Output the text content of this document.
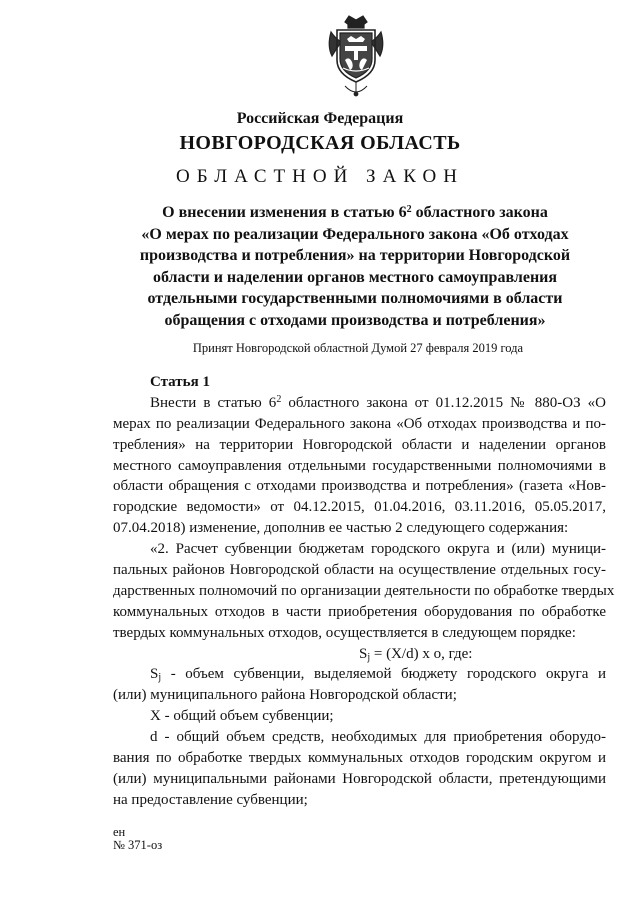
Российская Федерация
НОВГОРОДСКАЯ ОБЛАСТЬ
ОБЛАСТНОЙ ЗАКОН
О внесении изменения в статью $6^2$ областного закона
«О мерах по реализации Федерального закона «Об отходах
производства и потребления» на территории Новгородской
области и наделении органов местного самоуправления
отдельными государственными полномочиями в области
обращения с отходами производства и потребления»
Принят Новгородской областной Думой 27 февраля 2019 года
Статья 1
Внести в статью $6^2$ областного закона от 01.12.2015 № 880-ОЗ «О
мерах по реализации Федерального закона «Об отходах производства и по-
требления» на территории Новгородской области и наделении органов
местного самоуправления отдельными государственными полномочиями в
области обращения с отходами производства и потребления» (газета «Нов-
городские ведомости» от 04.12.2015, 01.04.2016, 03.11.2016, 05.05.2017,
07.04.2018) изменение, дополнив ее частью 2 следующего содержания:
«2. Расчет субвенции бюджетам городского округа и (или) муници-
пальных районов Новгородской области на осуществление отдельных госу-
дарственных полномочий по организации деятельности по обработке твердых
коммунальных отходов в части приобретения оборудования по обработке
твердых коммунальных отходов, осуществляется в следующем порядке:
$S_j = (X/d)$ x o, где:
$S_j$ - объем субвенции, выделяемой бюджету городского округа и
(или) муниципального района Новгородской области;
X - общий объем субвенции;
d - общий объем средств, необходимых для приобретения оборудо-
вания по обработке твердых коммунальных отходов городским округом и
(или) муниципальными районами Новгородской области, претендующими
на предоставление субвенции;
ен
№ 371-оз
